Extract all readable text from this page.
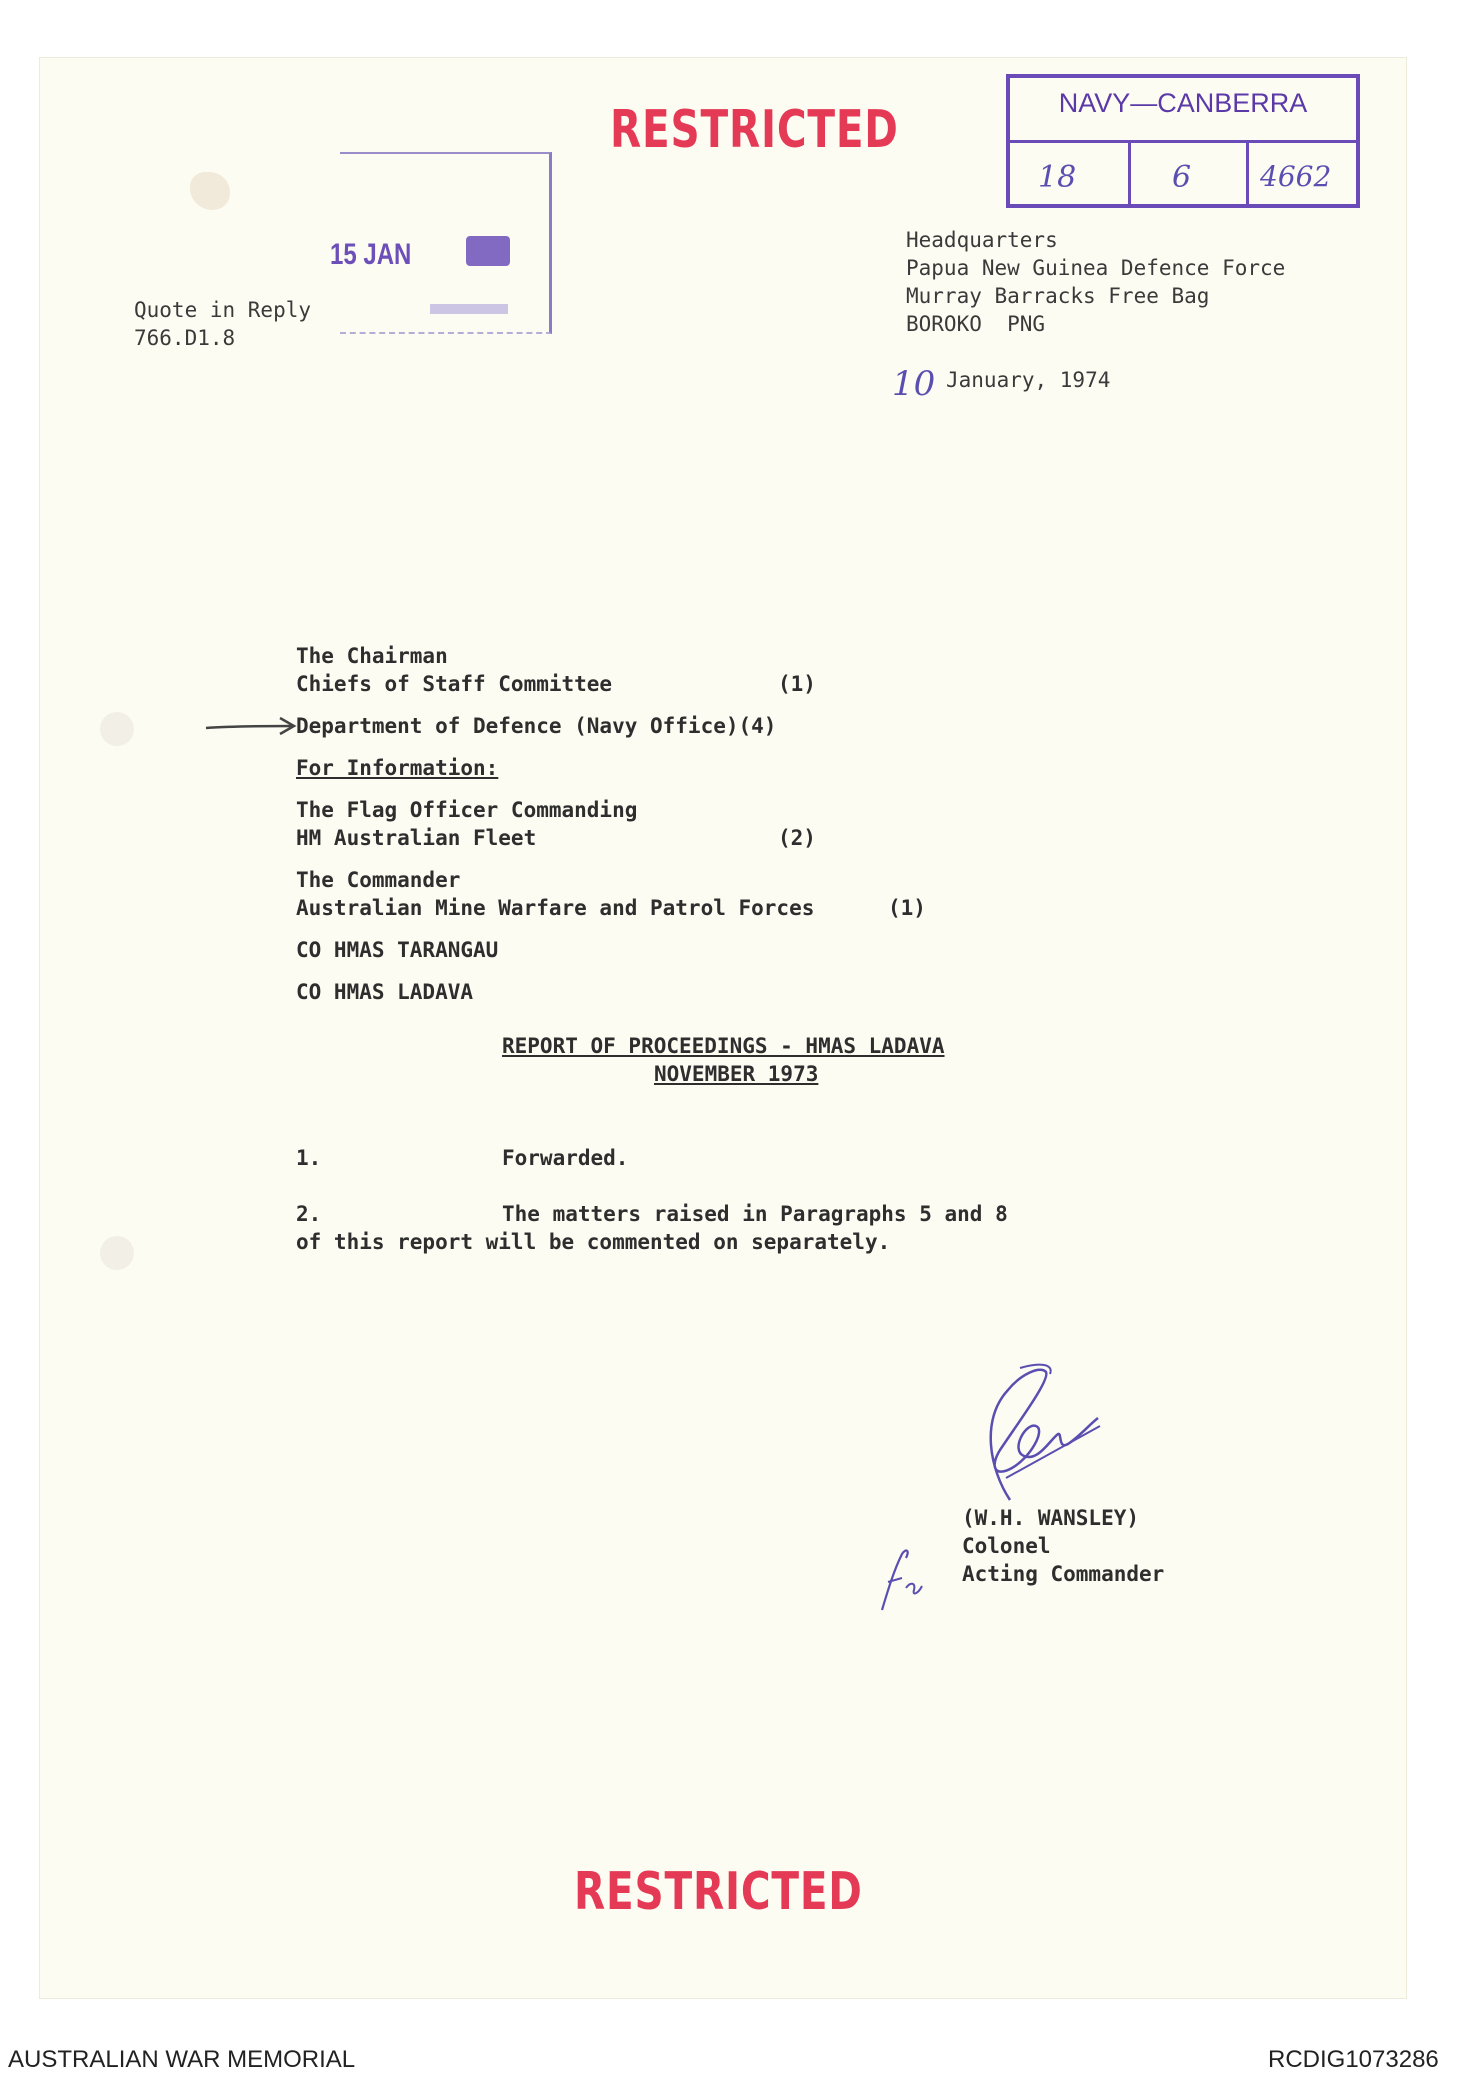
RESTRICTED	NAVY—CANBERRA
18	6 4662
15 JAN
Quote in Reply
766.D1.8
Headquarters
Papua New Guinea Defence Force
Murray Barracks Free Bag
BOROKO  PNG
10 January, 1974
The Chairman
Chiefs of Staff Committee	(1)
Department of Defence (Navy Office)(4)
For Information:
The Flag Officer Commanding
HM Australian Fleet	(2)
The Commander
Australian Mine Warfare and Patrol Forces	(1)
CO HMAS TARANGAU
CO HMAS LADAVA
REPORT OF PROCEEDINGS - HMAS LADAVA
NOVEMBER 1973
1.	Forwarded.
2.	The matters raised in Paragraphs 5 and 8
of this report will be commented on separately.
(W.H. WANSLEY)
Colonel
Acting Commander
RESTRICTED
AUSTRALIAN WAR MEMORIAL	RCDIG1073286
